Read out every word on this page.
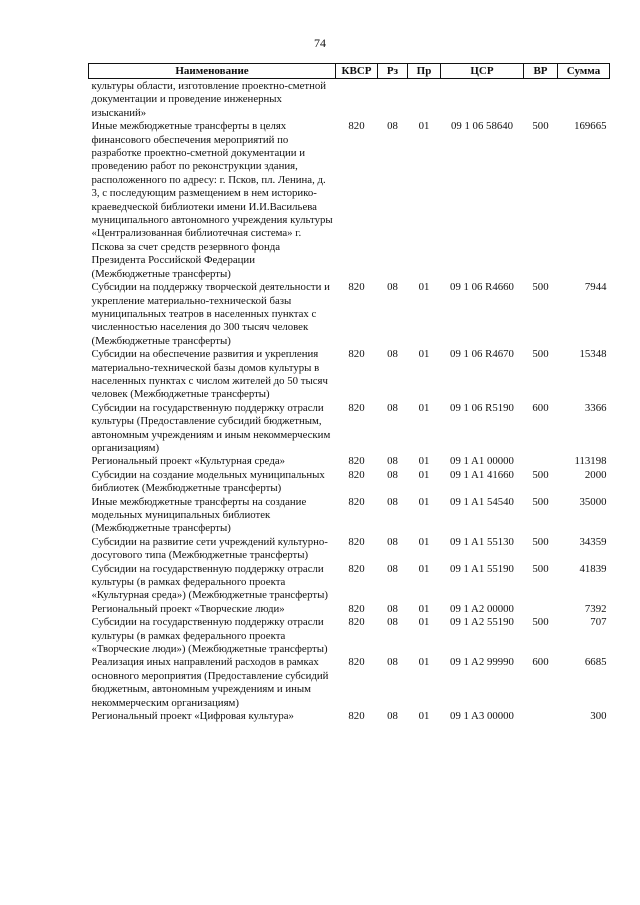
74
Наименование	КВСР	Рз	Пр	ЦСР	ВР	Сумма
культуры области, изготовление проектно-сметной документации и проведение инженерных изысканий»						
Иные межбюджетные трансферты в целях финансового обеспечения мероприятий по разработке проектно-сметной документации и проведению работ по реконструкции здания, расположенного по адресу: г. Псков, пл. Ленина, д. 3, с последующим размещением в нем историко-краеведческой библиотеки имени И.И.Васильева муниципального автономного учреждения культуры «Централизованная библиотечная система» г. Пскова за счет средств резервного фонда Президента Российской Федерации (Межбюджетные трансферты)	820	08	01	09 1 06 58640	500	169665
Субсидии на поддержку творческой деятельности и укрепление материально-технической базы муниципальных театров в населенных пунктах с численностью населения до 300 тысяч человек (Межбюджетные трансферты)	820	08	01	09 1 06 R4660	500	7944
Субсидии на обеспечение развития и укрепления материально-технической базы домов культуры в населенных пунктах с числом жителей до 50 тысяч человек (Межбюджетные трансферты)	820	08	01	09 1 06 R4670	500	15348
Субсидии на государственную поддержку отрасли культуры (Предоставление субсидий бюджетным, автономным учреждениям и иным некоммерческим организациям)	820	08	01	09 1 06 R5190	600	3366
Региональный проект «Культурная среда»	820	08	01	09 1 A1 00000		113198
Субсидии на создание модельных муниципальных библиотек (Межбюджетные трансферты)	820	08	01	09 1 A1 41660	500	2000
Иные межбюджетные трансферты на создание модельных муниципальных библиотек (Межбюджетные трансферты)	820	08	01	09 1 A1 54540	500	35000
Субсидии на развитие сети учреждений культурно-досугового типа (Межбюджетные трансферты)	820	08	01	09 1 A1 55130	500	34359
Субсидии на государственную поддержку отрасли культуры (в рамках федерального проекта «Культурная среда») (Межбюджетные трансферты)	820	08	01	09 1 A1 55190	500	41839
Региональный проект «Творческие люди»	820	08	01	09 1 A2 00000		7392
Субсидии на государственную поддержку отрасли культуры (в рамках федерального проекта «Творческие люди») (Межбюджетные трансферты)	820	08	01	09 1 A2 55190	500	707
Реализация иных направлений расходов в рамках основного мероприятия (Предоставление субсидий бюджетным, автономным учреждениям и иным некоммерческим организациям)	820	08	01	09 1 A2 99990	600	6685
Региональный проект «Цифровая культура»	820	08	01	09 1 A3 00000		300
